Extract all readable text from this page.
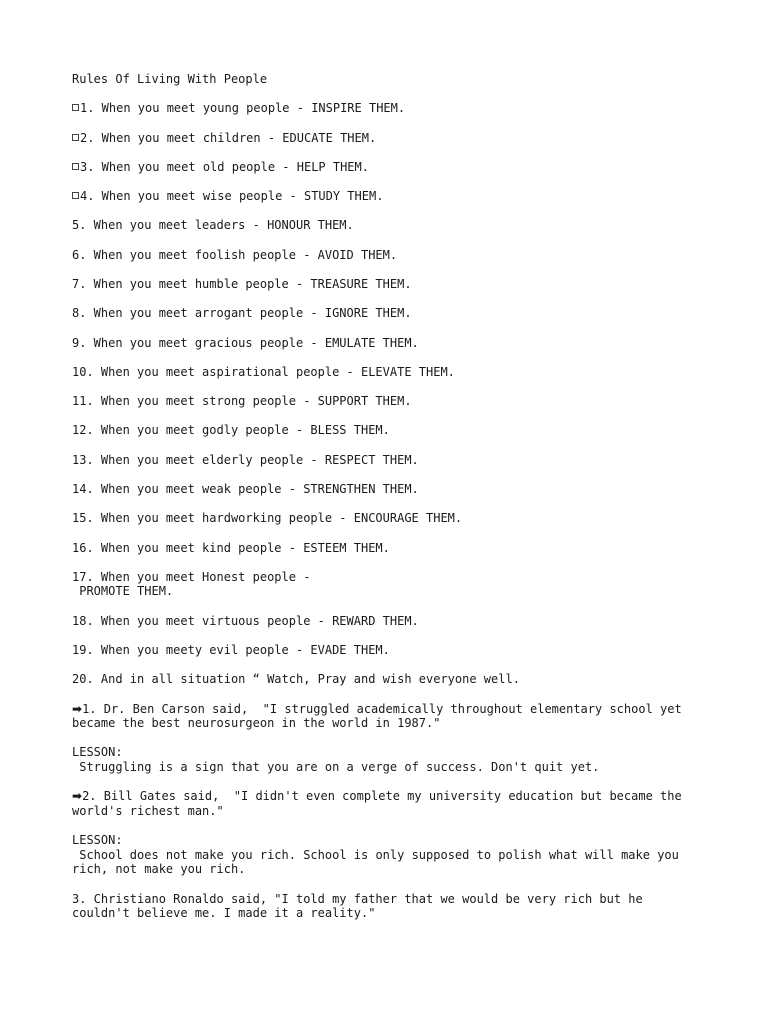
Rules Of Living With People
1. When you meet young people - INSPIRE THEM.
2. When you meet children - EDUCATE THEM.
3. When you meet old people - HELP THEM.
4. When you meet wise people - STUDY THEM.
5. When you meet leaders - HONOUR THEM.
6. When you meet foolish people - AVOID THEM.
7. When you meet humble people - TREASURE THEM.
8. When you meet arrogant people - IGNORE THEM.
9. When you meet gracious people - EMULATE THEM.
10. When you meet aspirational people - ELEVATE THEM.
11. When you meet strong people - SUPPORT THEM.
12. When you meet godly people - BLESS THEM.
13. When you meet elderly people - RESPECT THEM.
14. When you meet weak people - STRENGTHEN THEM.
15. When you meet hardworking people - ENCOURAGE THEM.
16. When you meet kind people - ESTEEM THEM.
17. When you meet Honest people -
PROMOTE THEM.
18. When you meet virtuous people - REWARD THEM.
19. When you meety evil people - EVADE THEM.
20. And in all situation “ Watch, Pray and wish everyone well.
➡1. Dr. Ben Carson said,  "I struggled academically throughout elementary school yet became the best neurosurgeon in the world in 1987."
LESSON:
Struggling is a sign that you are on a verge of success. Don't quit yet.
➡2. Bill Gates said,  "I didn't even complete my university education but became the world's richest man."
LESSON:
School does not make you rich. School is only supposed to polish what will make you rich, not make you rich.
3. Christiano Ronaldo said, "I told my father that we would be very rich but he couldn't believe me. I made it a reality."
